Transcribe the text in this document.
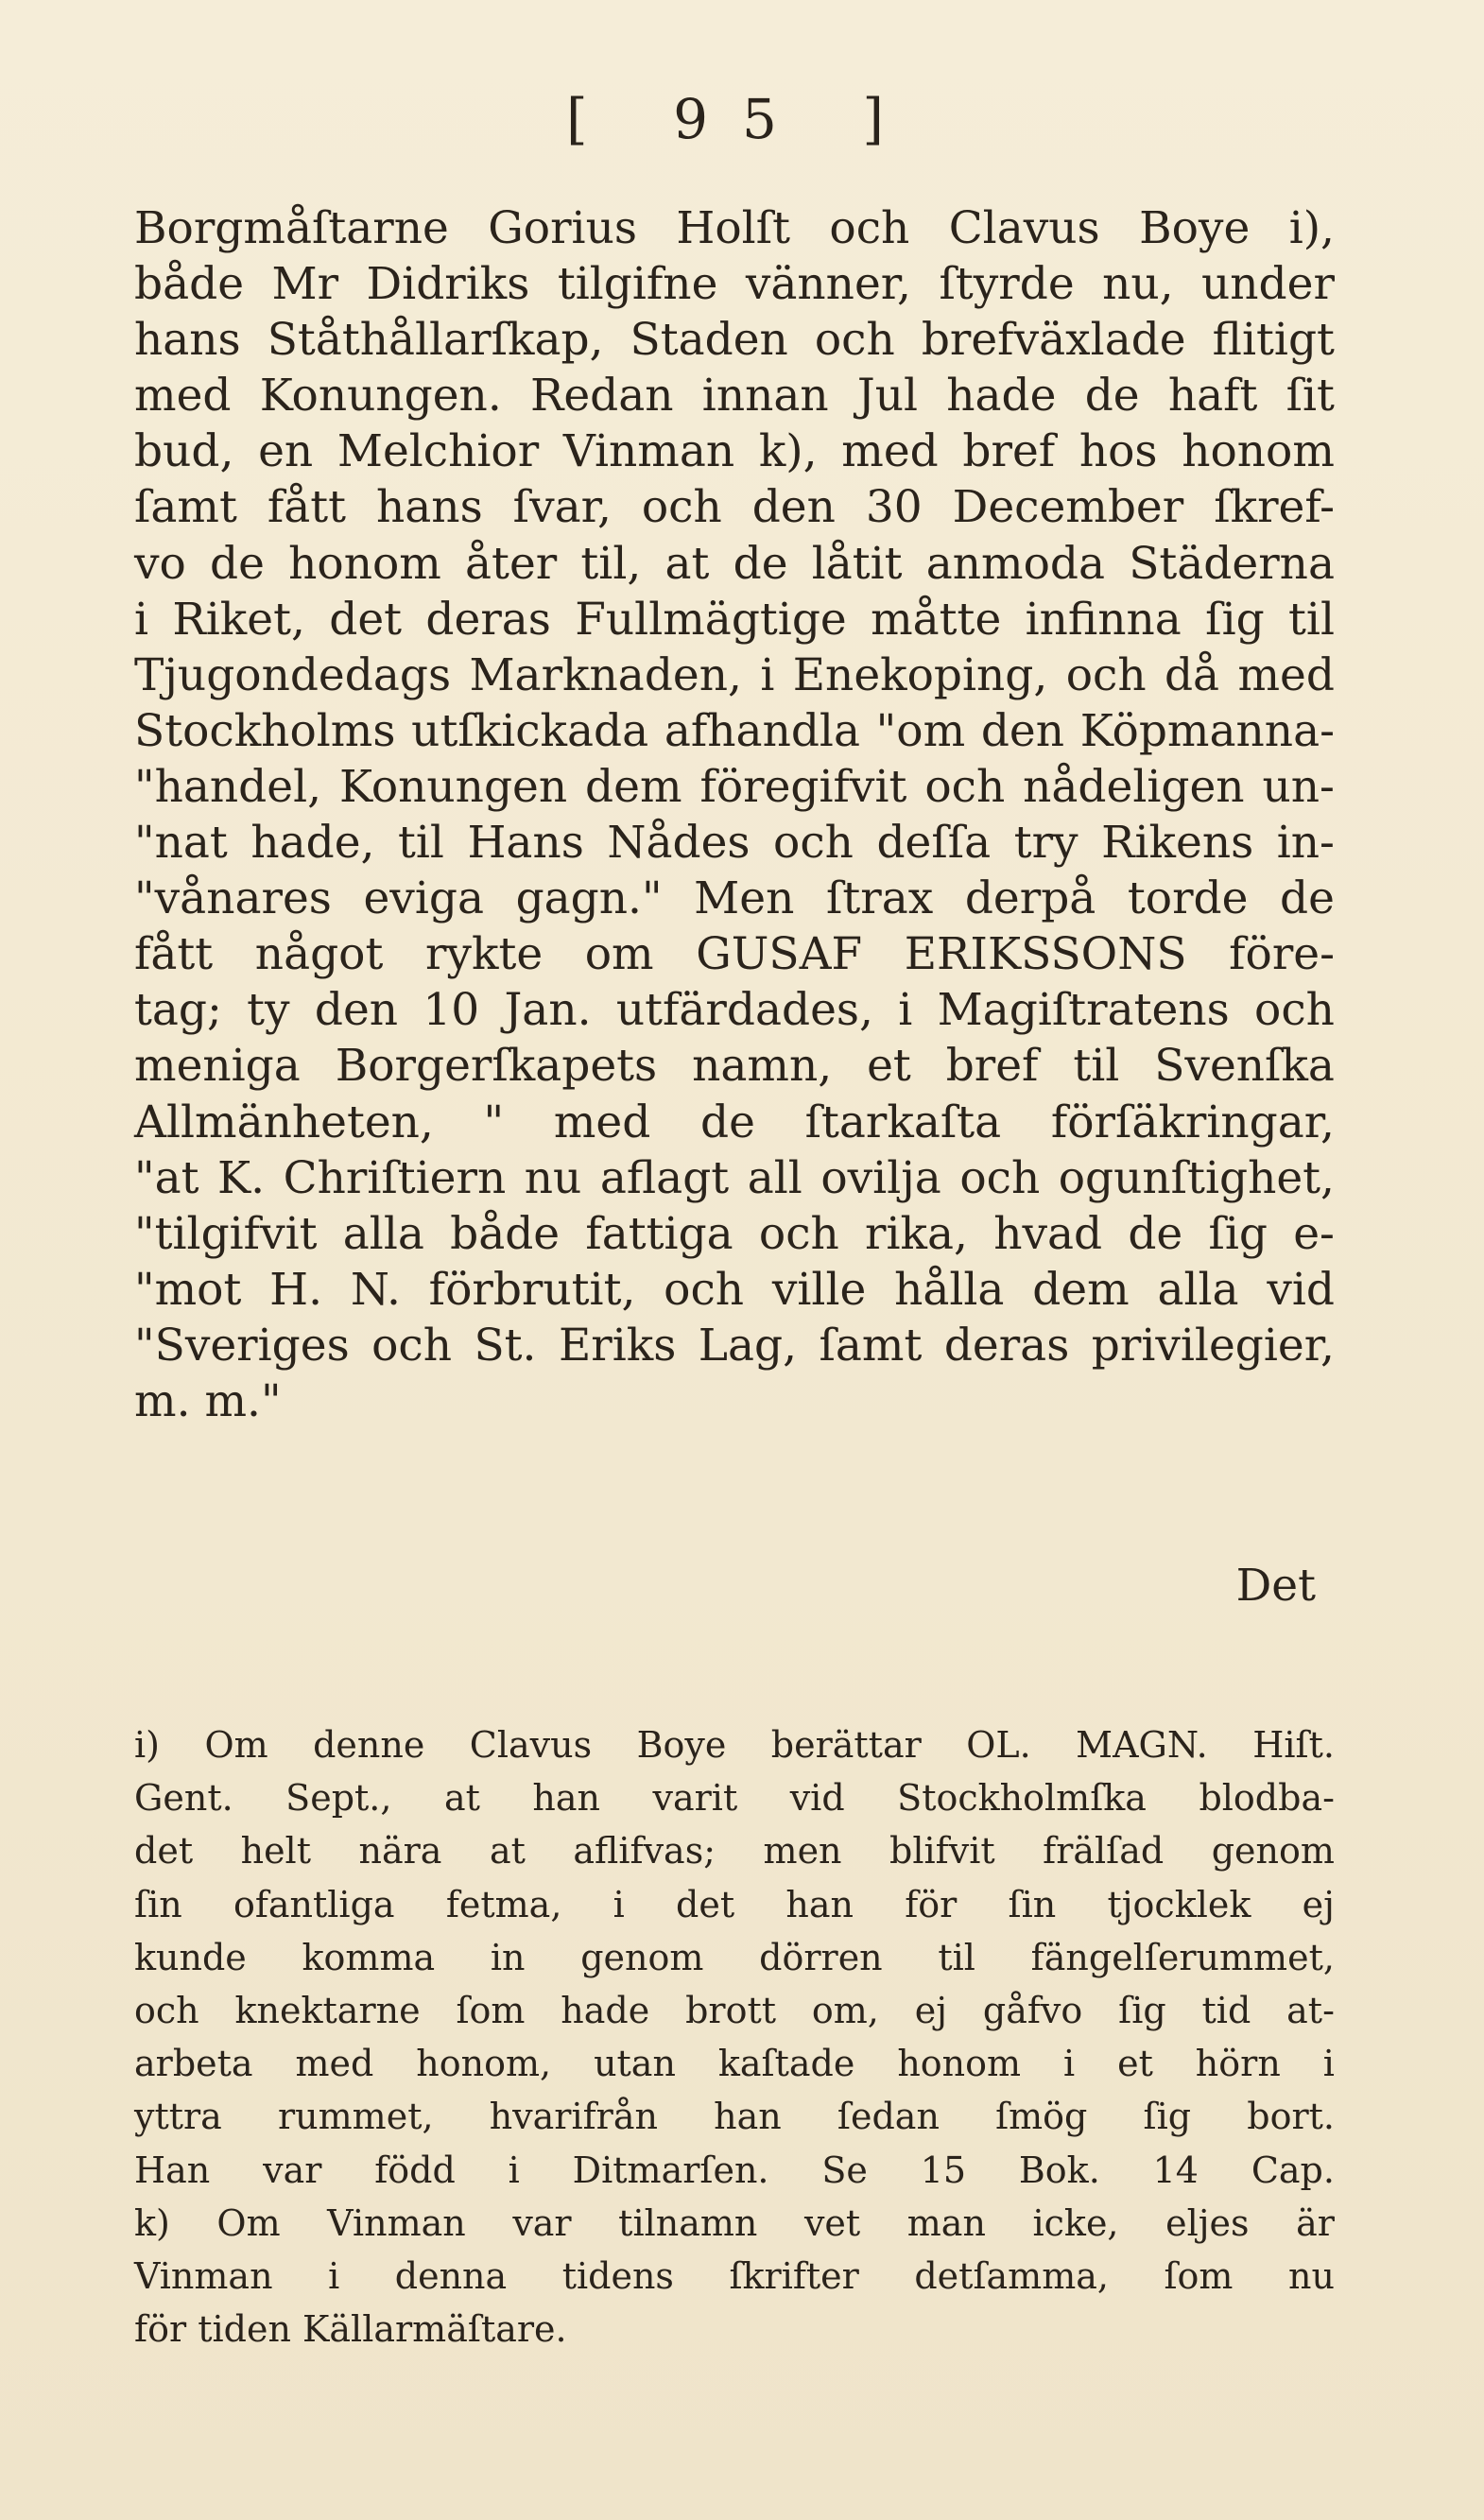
[ 95 ]
Borgmåſtarne Gorius Holſt och Clavus Boye i),
både Mr Didriks tilgifne vänner, ſtyrde nu, under
hans Ståthållarſkap, Staden och brefväxlade flitigt
med Konungen. Redan innan Jul hade de haft ſit
bud, en Melchior Vinman k), med bref hos honom
ſamt fått hans ſvar, och den 30 December ſkref-
vo de honom åter til, at de låtit anmoda Städerna
i Riket, det deras Fullmägtige måtte infinna ſig til
Tjugondedags Marknaden, i Enekoping, och då med
Stockholms utſkickada afhandla "om den Köpmanna-
"handel, Konungen dem föregifvit och nådeligen un-
"nat hade, til Hans Nådes och deſſa try Rikens in-
"vånares eviga gagn." Men ſtrax derpå torde de
fått något rykte om GUSAF ERIKSSONS före-
tag; ty den 10 Jan. utfärdades, i Magiſtratens och
meniga Borgerſkapets namn, et bref til Svenſka
Allmänheten, " med de ſtarkaſta förſäkringar,
"at K. Chriſtiern nu aflagt all ovilja och ogunſtighet,
"tilgifvit alla både fattiga och rika, hvad de ſig e-
"mot H. N. förbrutit, och ville hålla dem alla vid
"Sveriges och St. Eriks Lag, ſamt deras privilegier,
m.
m."
Det
i) Om denne Clavus Boye berättar OL. MAGN. Hiſt.
Gent. Sept., at han varit vid Stockholmſka blodba-
det helt nära at aflifvas; men blifvit frälſad genom
ſin ofantliga fetma, i det han för ſin tjocklek ej
kunde komma in genom dörren til fängelſerummet,
och knektarne ſom hade brott om, ej gåfvo ſig tid at-
arbeta med honom, utan kaſtade honom i et hörn i
yttra rummet, hvarifrån han ſedan ſmög ſig bort.
Han var född i Ditmarſen. Se 15 Bok. 14 Cap.
k) Om Vinman var tilnamn vet man icke, eljes är
Vinman i denna tidens ſkrifter detſamma, ſom nu
för
tiden
Källarmäſtare.
